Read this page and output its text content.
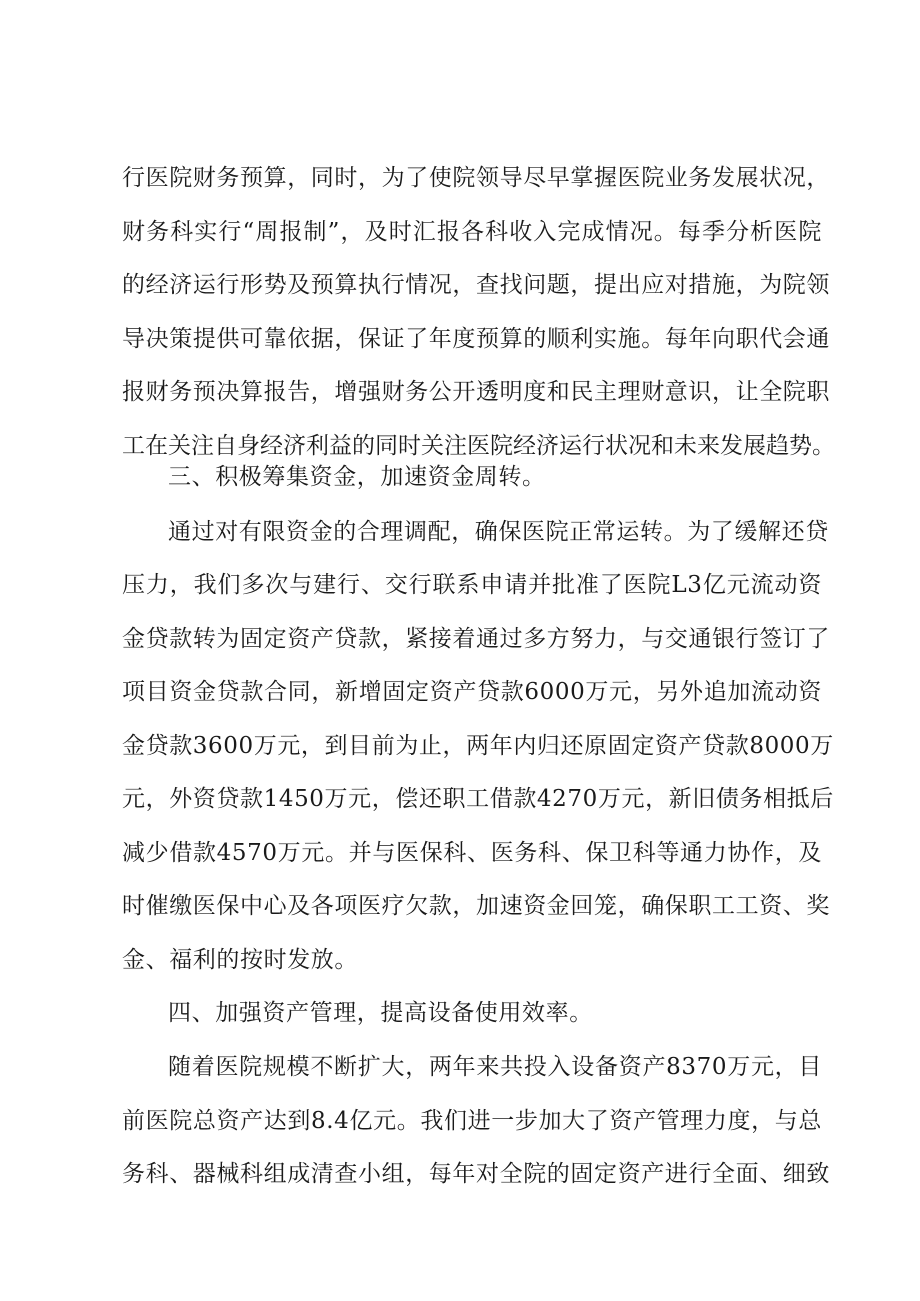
行医院财务预算，同时，为了使院领导尽早掌握医院业务发展状况，
财务科实行“周报制”，及时汇报各科收入完成情况。每季分析医院
的经济运行形势及预算执行情况，查找问题，提出应对措施，为院领
导决策提供可靠依据，保证了年度预算的顺利实施。每年向职代会通
报财务预决算报告，增强财务公开透明度和民主理财意识，让全院职
工在关注自身经济利益的同时关注医院经济运行状况和未来发展趋势。
三、积极筹集资金，加速资金周转。
通过对有限资金的合理调配，确保医院正常运转。为了缓解还贷
压力，我们多次与建行、交行联系申请并批准了医院L3亿元流动资
金贷款转为固定资产贷款，紧接着通过多方努力，与交通银行签订了
项目资金贷款合同，新增固定资产贷款6000万元，另外追加流动资
金贷款3600万元，到目前为止，两年内归还原固定资产贷款8000万
元，外资贷款1450万元，偿还职工借款4270万元，新旧债务相抵后
减少借款4570万元。并与医保科、医务科、保卫科等通力协作，及
时催缴医保中心及各项医疗欠款，加速资金回笼，确保职工工资、奖
金、福利的按时发放。
四、加强资产管理，提高设备使用效率。
随着医院规模不断扩大，两年来共投入设备资产8370万元，目
前医院总资产达到8.4亿元。我们进一步加大了资产管理力度，与总
务科、器械科组成清查小组，每年对全院的固定资产进行全面、细致
